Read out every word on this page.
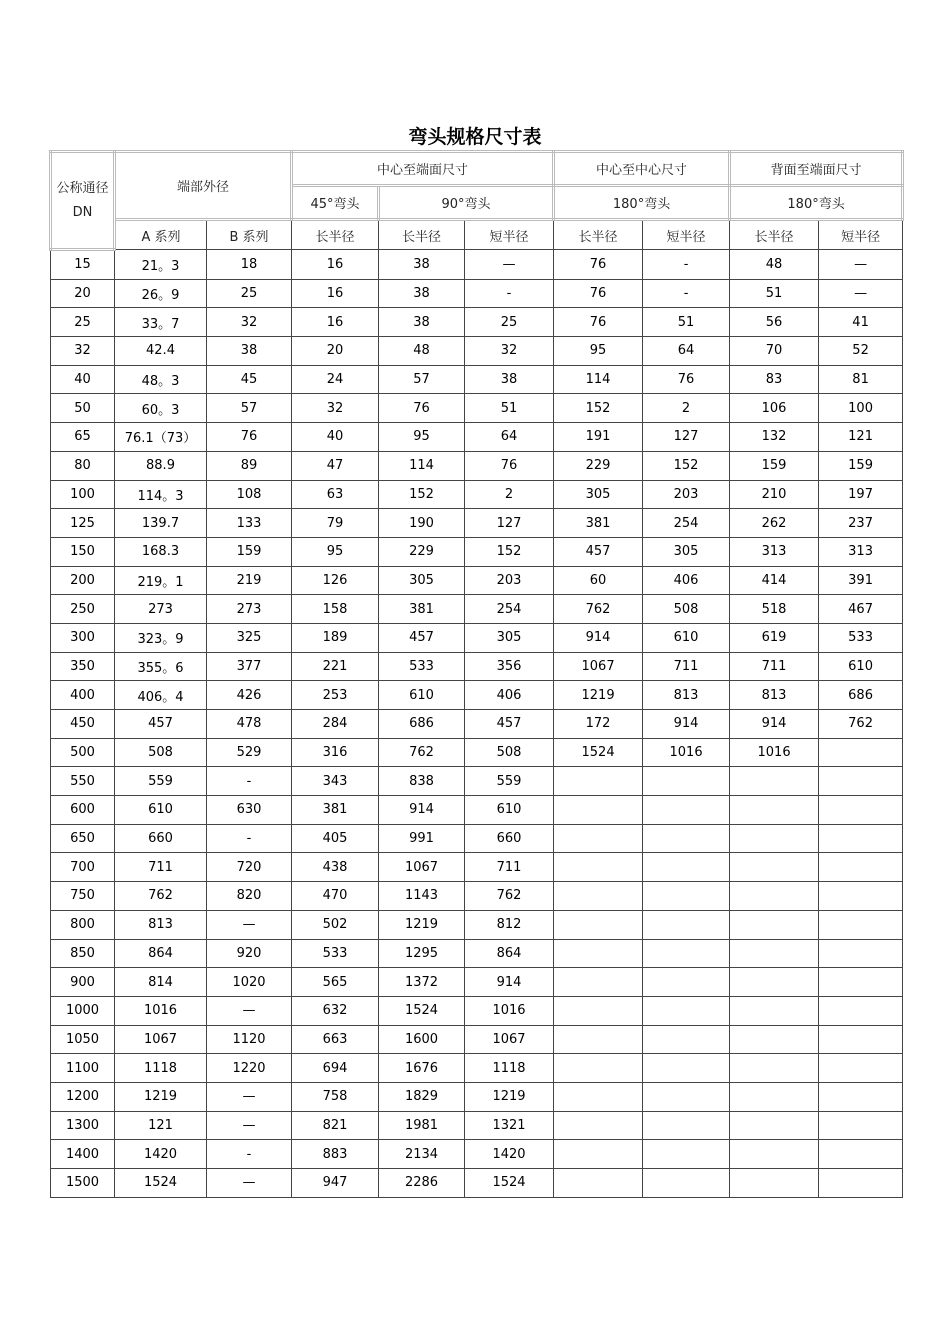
弯头规格尺寸表
公称通径
DN	端部外径		中心至端面尺寸			中心至中心尺寸		背面至端面尺寸	
			45°弯头	90°弯头		180°弯头		180°弯头	
	A 系列	B 系列	长半径	长半径	短半径	长半径	短半径	长半径	短半径
15	21。3	18	16	38	—	76	-	48	—
20	26。9	25	16	38	-	76	-	51	—
25	33。7	32	16	38	25	76	51	56	41
32	42.4	38	20	48	32	95	64	70	52
40	48。3	45	24	57	38	114	76	83	81
50	60。3	57	32	76	51	152	2	106	100
65	76.1（73）	76	40	95	64	191	127	132	121
80	88.9	89	47	114	76	229	152	159	159
100	114。3	108	63	152	2	305	203	210	197
125	139.7	133	79	190	127	381	254	262	237
150	168.3	159	95	229	152	457	305	313	313
200	219。1	219	126	305	203	60	406	414	391
250	273	273	158	381	254	762	508	518	467
300	323。9	325	189	457	305	914	610	619	533
350	355。6	377	221	533	356	1067	711	711	610
400	406。4	426	253	610	406	1219	813	813	686
450	457	478	284	686	457	172	914	914	762
500	508	529	316	762	508	1524	1016	1016	
550	559	-	343	838	559				
600	610	630	381	914	610				
650	660	-	405	991	660				
700	711	720	438	1067	711				
750	762	820	470	1143	762				
800	813	—	502	1219	812				
850	864	920	533	1295	864				
900	814	1020	565	1372	914				
1000	1016	—	632	1524	1016				
1050	1067	1120	663	1600	1067				
1100	1118	1220	694	1676	1118				
1200	1219	—	758	1829	1219				
1300	121	—	821	1981	1321				
1400	1420	-	883	2134	1420				
1500	1524	—	947	2286	1524				
